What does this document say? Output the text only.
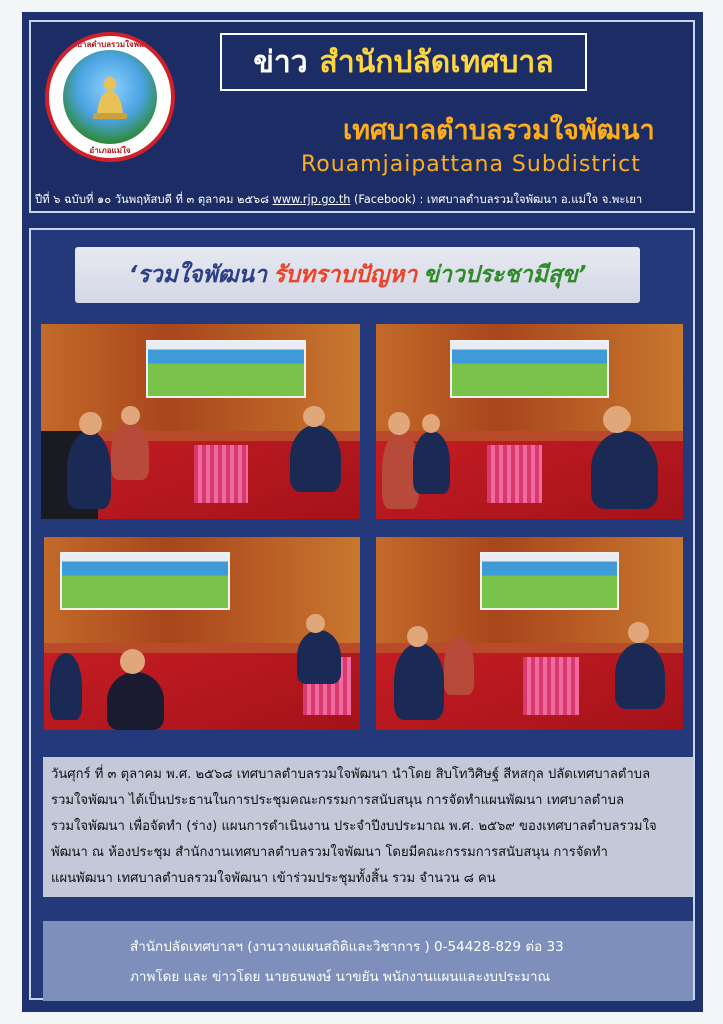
เทศบาลตำบลรวมใจพัฒนา
อำเภอแม่ใจ
ข่าว สำนักปลัดเทศบาล
เทศบาลตำบลรวมใจพัฒนา
Rouamjaipattana Subdistrict
ปีที่ ๖ ฉบับที่ ๑๐ วันพฤหัสบดี ที่ ๓ ตุลาคม ๒๕๖๘ www.rjp.go.th (Facebook) : เทศบาลตำบลรวมใจพัฒนา อ.แม่ใจ จ.พะเยา
‘รวมใจพัฒนา รับทราบปัญหา ข่าวประชามีสุข’
วันศุกร์ ที่ ๓ ตุลาคม พ.ศ. ๒๕๖๘ เทศบาลตำบลรวมใจพัฒนา นำโดย สิบโทวิศิษฐ์ สีหสกุล ปลัดเทศบาลตำบล
รวมใจพัฒนา ได้เป็นประธานในการประชุมคณะกรรมการสนับสนุน การจัดทำแผนพัฒนา เทศบาลตำบล
รวมใจพัฒนา เพื่อจัดทำ (ร่าง) แผนการดำเนินงาน ประจำปีงบประมาณ พ.ศ. ๒๕๖๙ ของเทศบาลตำบลรวมใจ
พัฒนา ณ ห้องประชุม สำนักงานเทศบาลตำบลรวมใจพัฒนา โดยมีคณะกรรมการสนับสนุน การจัดทำ
แผนพัฒนา เทศบาลตำบลรวมใจพัฒนา เข้าร่วมประชุมทั้งสิ้น รวม จำนวน ๘ คน
สำนักปลัดเทศบาลฯ (งานวางแผนสถิติและวิชาการ ) 0-54428-829 ต่อ 33
ภาพโดย และ ข่าวโดย นายธนพงษ์ นาขยัน พนักงานแผนและงบประมาณ
